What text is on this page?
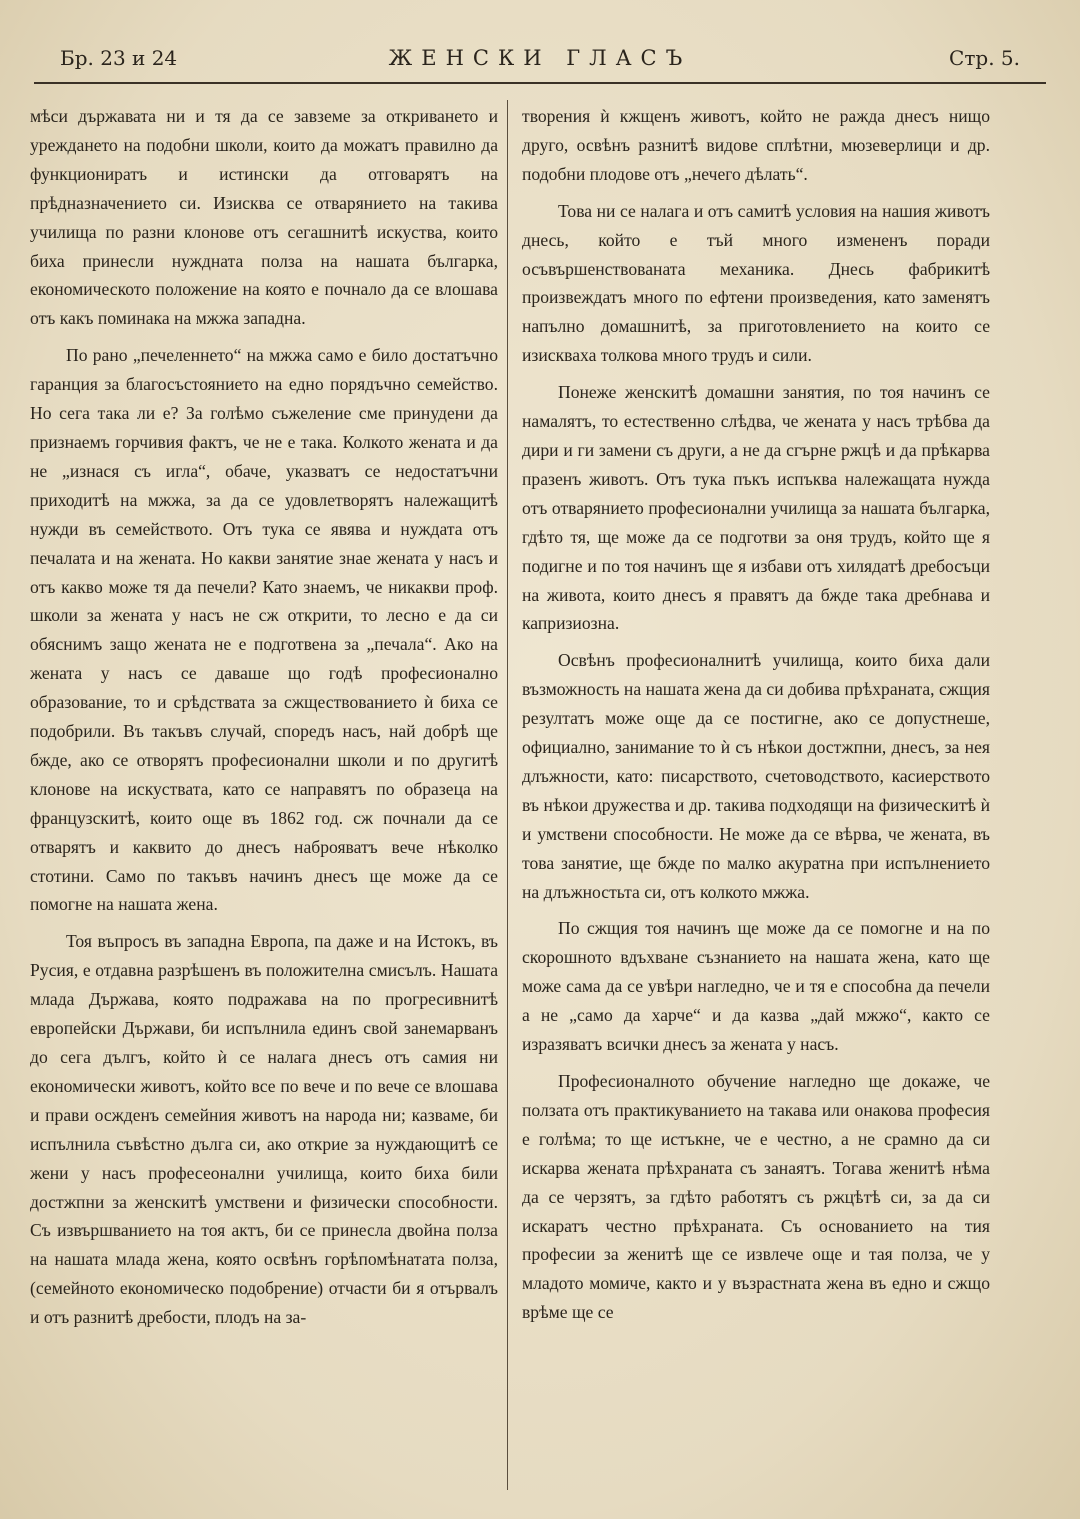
Бр. 23 и 24	ЖЕНСКИ ГЛАСЪ	Стр. 5.

мѣси държавата ни и тя да се завземе за откриването и уреждането на подобни школи, които да можатъ правилно да функциониратъ и истински да отговарятъ на прѣдназначението си. Изисква се отварянието на такива училища по разни клонове отъ сегашнитѣ искуства, които биха принесли нуждната полза на нашата българка, економическото положение на която е почнало да се влошава отъ какъ поминака на мжжа западна.

По рано „печеленнето“ на мжжа само е било достатъчно гаранция за благосъстоянието на едно порядъчно семейство. Но сега така ли е? За голѣмо съжеление сме принудени да признаемъ горчивия фактъ, че не е така. Колкото жената и да не „изнася съ игла“, обаче, указватъ се недостатъчни приходитѣ на мжжа, за да се удовлетворятъ належащитѣ нужди въ семейството. Отъ тука се явява и нуждата отъ печалата и на жената. Но какви занятие знае жената у насъ и отъ какво може тя да печели? Като знаемъ, че никакви проф. школи за жената у насъ не сж открити, то лесно е да си обяснимъ защо жената не е подготвена за „печала“. Ако на жената у насъ се даваше що годѣ професионално образование, то и срѣдствата за сжществованието ѝ биха се подобрили. Въ такъвъ случай, споредъ насъ, най добрѣ ще бжде, ако се отворятъ професионални школи и по другитѣ клонове на искуствата, като се направятъ по образеца на французскитѣ, които още въ 1862 год. сж почнали да се отварятъ и каквито до днесъ наброяватъ вече нѣколко стотини. Само по такъвъ начинъ днесъ ще може да се помогне на нашата жена.

Тоя въпросъ въ западна Европа, па даже и на Истокъ, въ Русия, е отдавна разрѣшенъ въ положителна смисълъ. Нашата млада Държава, която подражава на по прогресивнитѣ европейски Държави, би испълнила единъ свой занемарванъ до сега дългъ, който ѝ се налага днесъ отъ самия ни економически животъ, който все по вече и по вече се влошава и прави осжденъ семейния животъ на народа ни; казваме, би испълнила съвѣстно дълга си, ако открие за нуждающитѣ се жени у насъ професеонални училища, които биха били достжпни за женскитѣ умствени и физически способности. Съ извършванието на тоя актъ, би се принесла двойна полза на нашата млада жена, която освѣнъ горѣпомѣнатата полза, (семейното економическо подобрение) отчасти би я отървалъ и отъ разнитѣ дребости, плодъ на за-

творения ѝ кжщенъ животъ, който не ражда днесъ нищо друго, освѣнъ разнитѣ видове сплѣтни, мюзеверлици и др. подобни плодове отъ „нечего дѣлать“.

Това ни се налага и отъ самитѣ условия на нашия животъ днесь, който е тъй много измененъ поради осъвършенствованата механика. Днесь фабрикитѣ произвеждатъ много по ефтени произведения, като заменятъ напълно домашнитѣ, за приготовлението на които се изискваха толкова много трудъ и сили.

Понеже женскитѣ домашни занятия, по тоя начинъ се намалятъ, то естественно слѣдва, че жената у насъ трѣбва да дири и ги замени съ други, а не да сгърне ржцѣ и да прѣкарва празенъ животъ. Отъ тука пъкъ испъква належащата нужда отъ отварянието професионални училища за нашата българка, гдѣто тя, ще може да се подготви за оня трудъ, който ще я подигне и по тоя начинъ ще я избави отъ хилядатѣ дребосъци на живота, които днесъ я правятъ да бжде така дребнава и капризиозна.

Освѣнъ професионалнитѣ училища, които биха дали възможность на нашата жена да си добива прѣхраната, сжщия резултатъ може още да се постигне, ако се допустнеше, официално, занимание то ѝ съ нѣкои достжпни, днесъ, за нея длъжности, като: писарството, счетоводството, касиерството въ нѣкои дружества и др. такива подходящи на физическитѣ ѝ и умствени способности. Не може да се вѣрва, че жената, въ това занятие, ще бжде по малко акуратна при испълнението на длъжностьта си, отъ колкото мжжа.

По сжщия тоя начинъ ще може да се помогне и на по скорошното вдъхване съзнанието на нашата жена, като ще може сама да се увѣри нагледно, че и тя е способна да печели а не „само да харче“ и да казва „дай мжжо“, както се изразяватъ всички днесъ за жената у насъ.

Професионалното обучение нагледно ще докаже, че ползата отъ практикуванието на такава или онакова професия е голѣма; то ще истъкне, че е честно, а не срамно да си искарва жената прѣхраната съ занаятъ. Тогава женитѣ нѣма да се черзятъ, за гдѣто работятъ съ ржцѣтѣ си, за да си искаратъ честно прѣхраната. Съ основанието на тия професии за женитѣ ще се извлече още и тая полза, че у младото момиче, както и у възрастната жена въ едно и сжщо врѣме ще се
